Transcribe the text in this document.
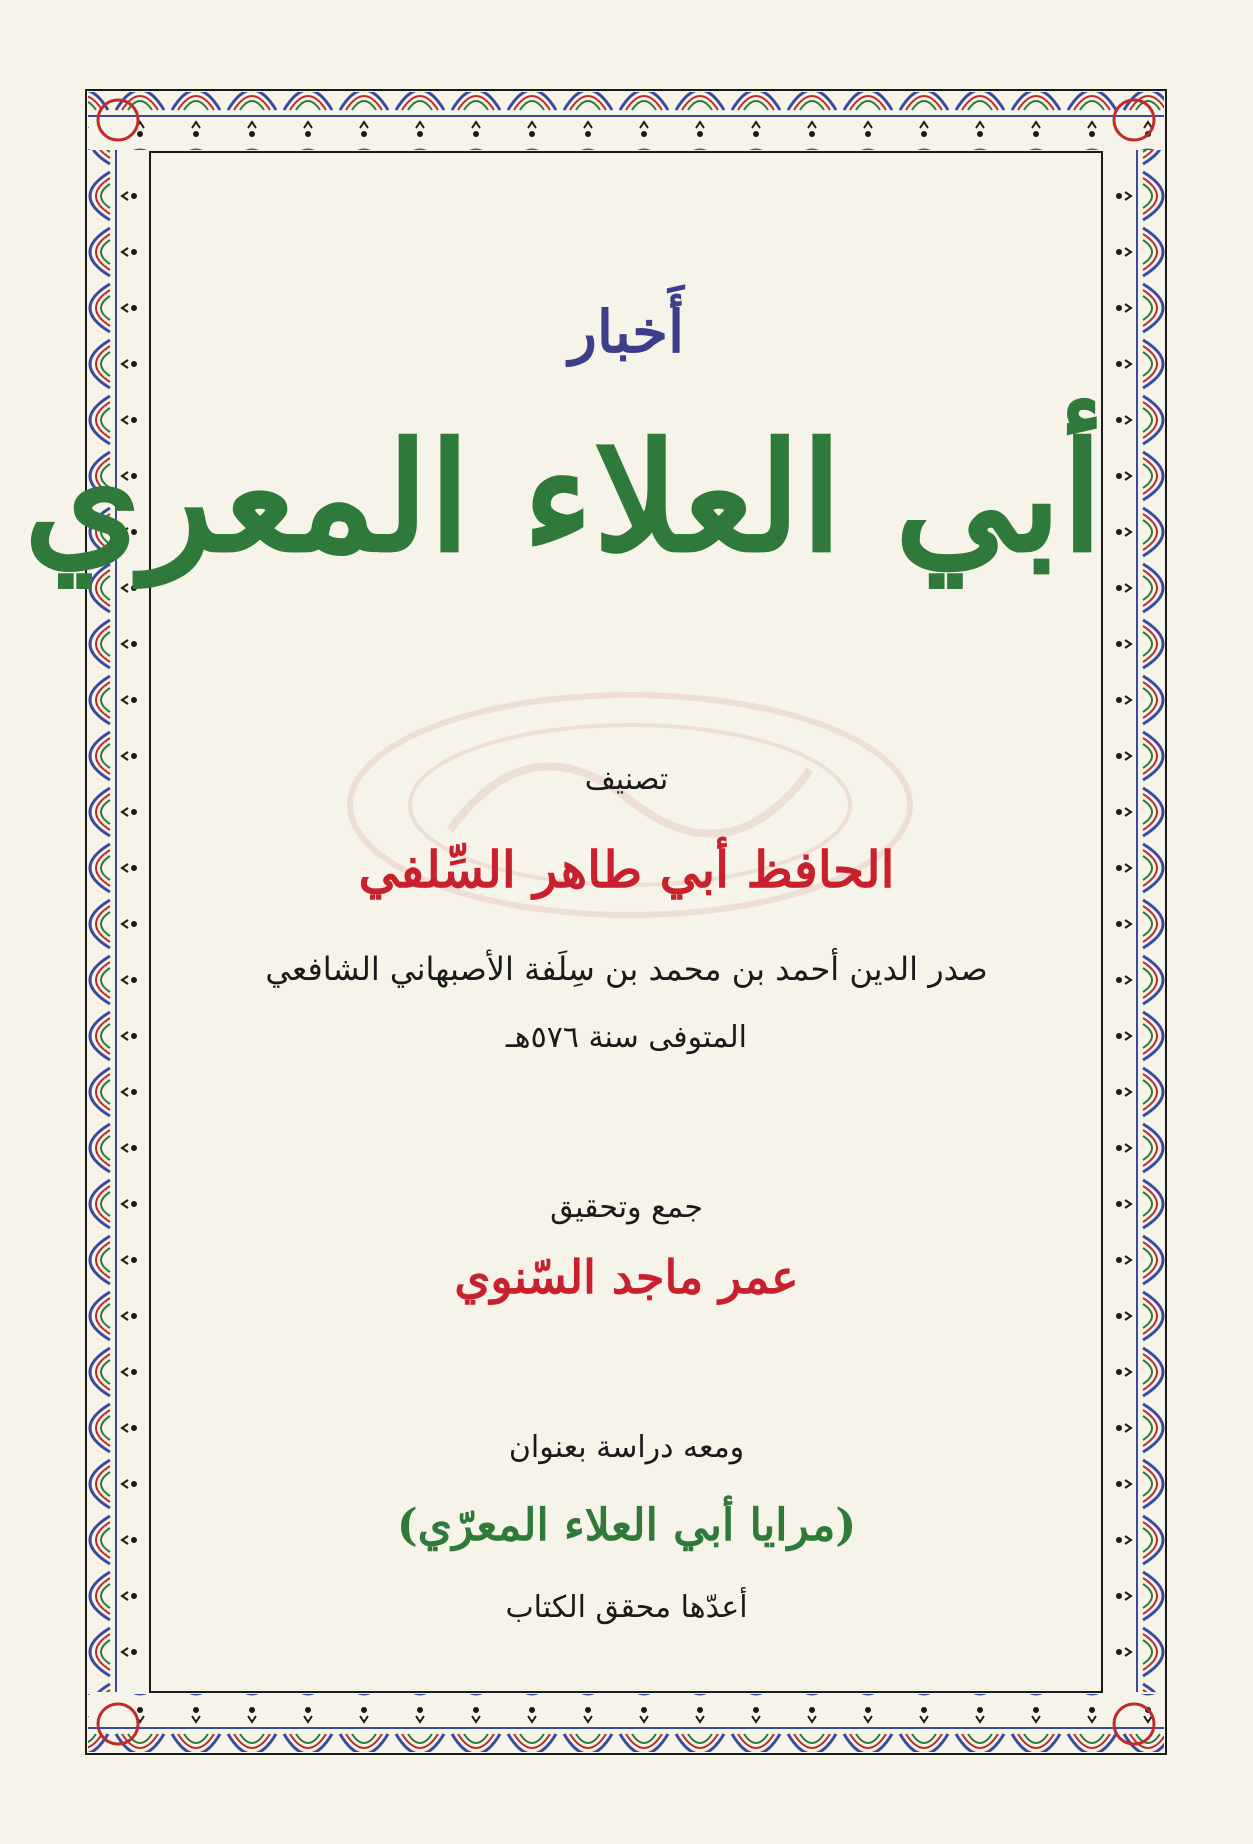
أَخبار
أبي العلاء المعري
تصنيف
الحافظ أبي طاهر السِّلفي
صدر الدين أحمد بن محمد بن سِلَفة الأصبهاني الشافعي
المتوفى سنة ٥٧٦هـ
جمع وتحقيق
عمر ماجد السّنوي
ومعه دراسة بعنوان
(مرايا أبي العلاء المعرّي)
أعدّها محقق الكتاب
